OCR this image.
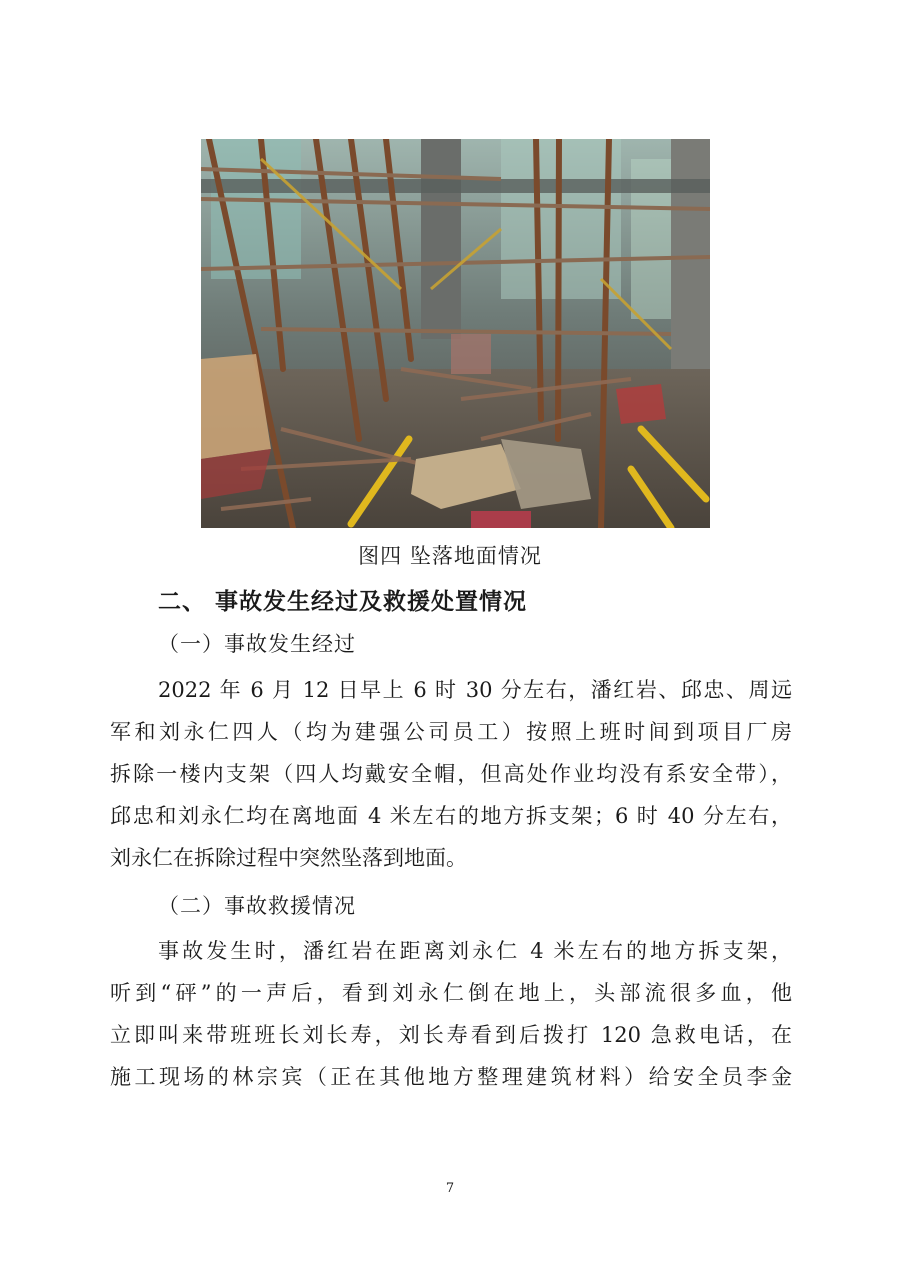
图四 坠落地面情况
二、 事故发生经过及救援处置情况
（一）事故发生经过
2022 年 6 月 12 日早上 6 时 30 分左右，潘红岩、邱忠、周远
军和刘永仁四人（均为建强公司员工）按照上班时间到项目厂房
拆除一楼内支架（四人均戴安全帽，但高处作业均没有系安全带），
邱忠和刘永仁均在离地面 4 米左右的地方拆支架；6 时 40 分左右，
刘永仁在拆除过程中突然坠落到地面。
（二）事故救援情况
事故发生时，潘红岩在距离刘永仁 4 米左右的地方拆支架，
听到“砰”的一声后，看到刘永仁倒在地上，头部流很多血，他
立即叫来带班班长刘长寿，刘长寿看到后拨打 120 急救电话，在
施工现场的林宗宾（正在其他地方整理建筑材料）给安全员李金
7
